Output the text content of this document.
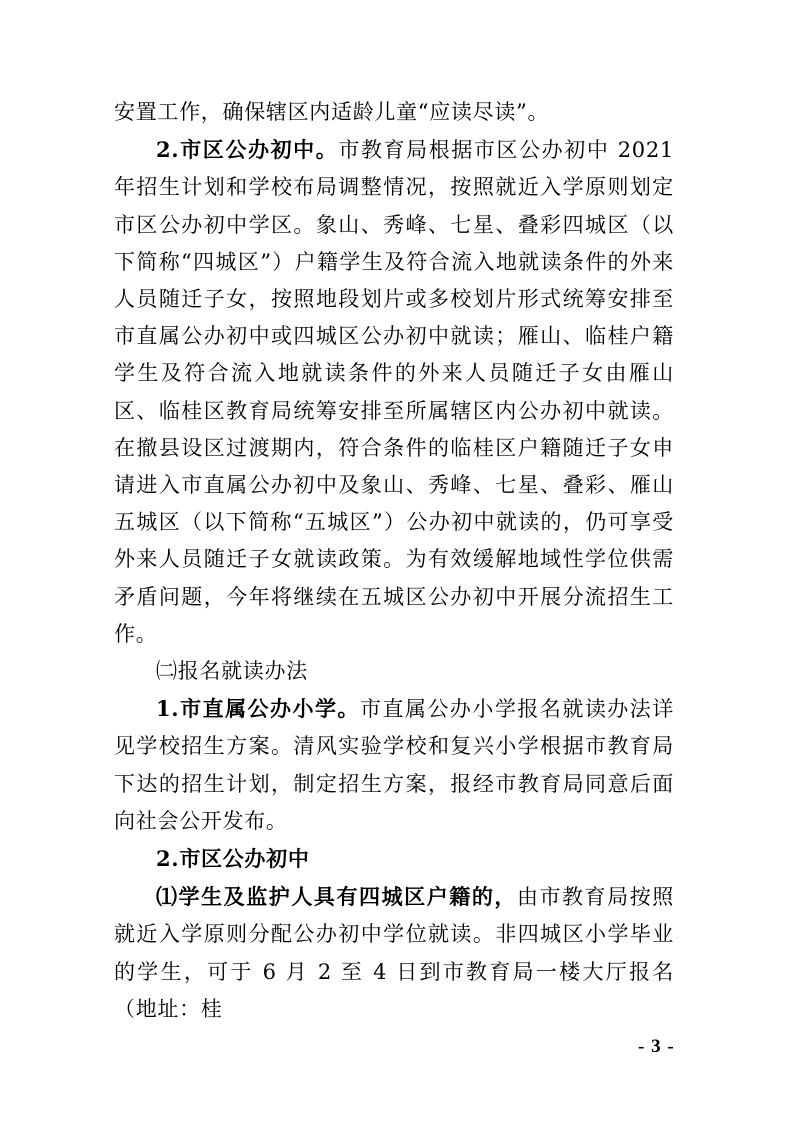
安置工作，确保辖区内适龄儿童“应读尽读”。

2.市区公办初中。市教育局根据市区公办初中 2021 年招生计划和学校布局调整情况，按照就近入学原则划定市区公办初中学区。象山、秀峰、七星、叠彩四城区（以下简称“四城区”）户籍学生及符合流入地就读条件的外来人员随迁子女，按照地段划片或多校划片形式统筹安排至市直属公办初中或四城区公办初中就读；雁山、临桂户籍学生及符合流入地就读条件的外来人员随迁子女由雁山区、临桂区教育局统筹安排至所属辖区内公办初中就读。在撤县设区过渡期内，符合条件的临桂区户籍随迁子女申请进入市直属公办初中及象山、秀峰、七星、叠彩、雁山五城区（以下简称“五城区”）公办初中就读的，仍可享受外来人员随迁子女就读政策。为有效缓解地域性学位供需矛盾问题，今年将继续在五城区公办初中开展分流招生工作。

㈡报名就读办法

1.市直属公办小学。市直属公办小学报名就读办法详见学校招生方案。清风实验学校和复兴小学根据市教育局下达的招生计划，制定招生方案，报经市教育局同意后面向社会公开发布。

2.市区公办初中

⑴学生及监护人具有四城区户籍的，由市教育局按照就近入学原则分配公办初中学位就读。非四城区小学毕业的学生，可于 6 月 2 至 4 日到市教育局一楼大厅报名（地址：桂

- 3 -
